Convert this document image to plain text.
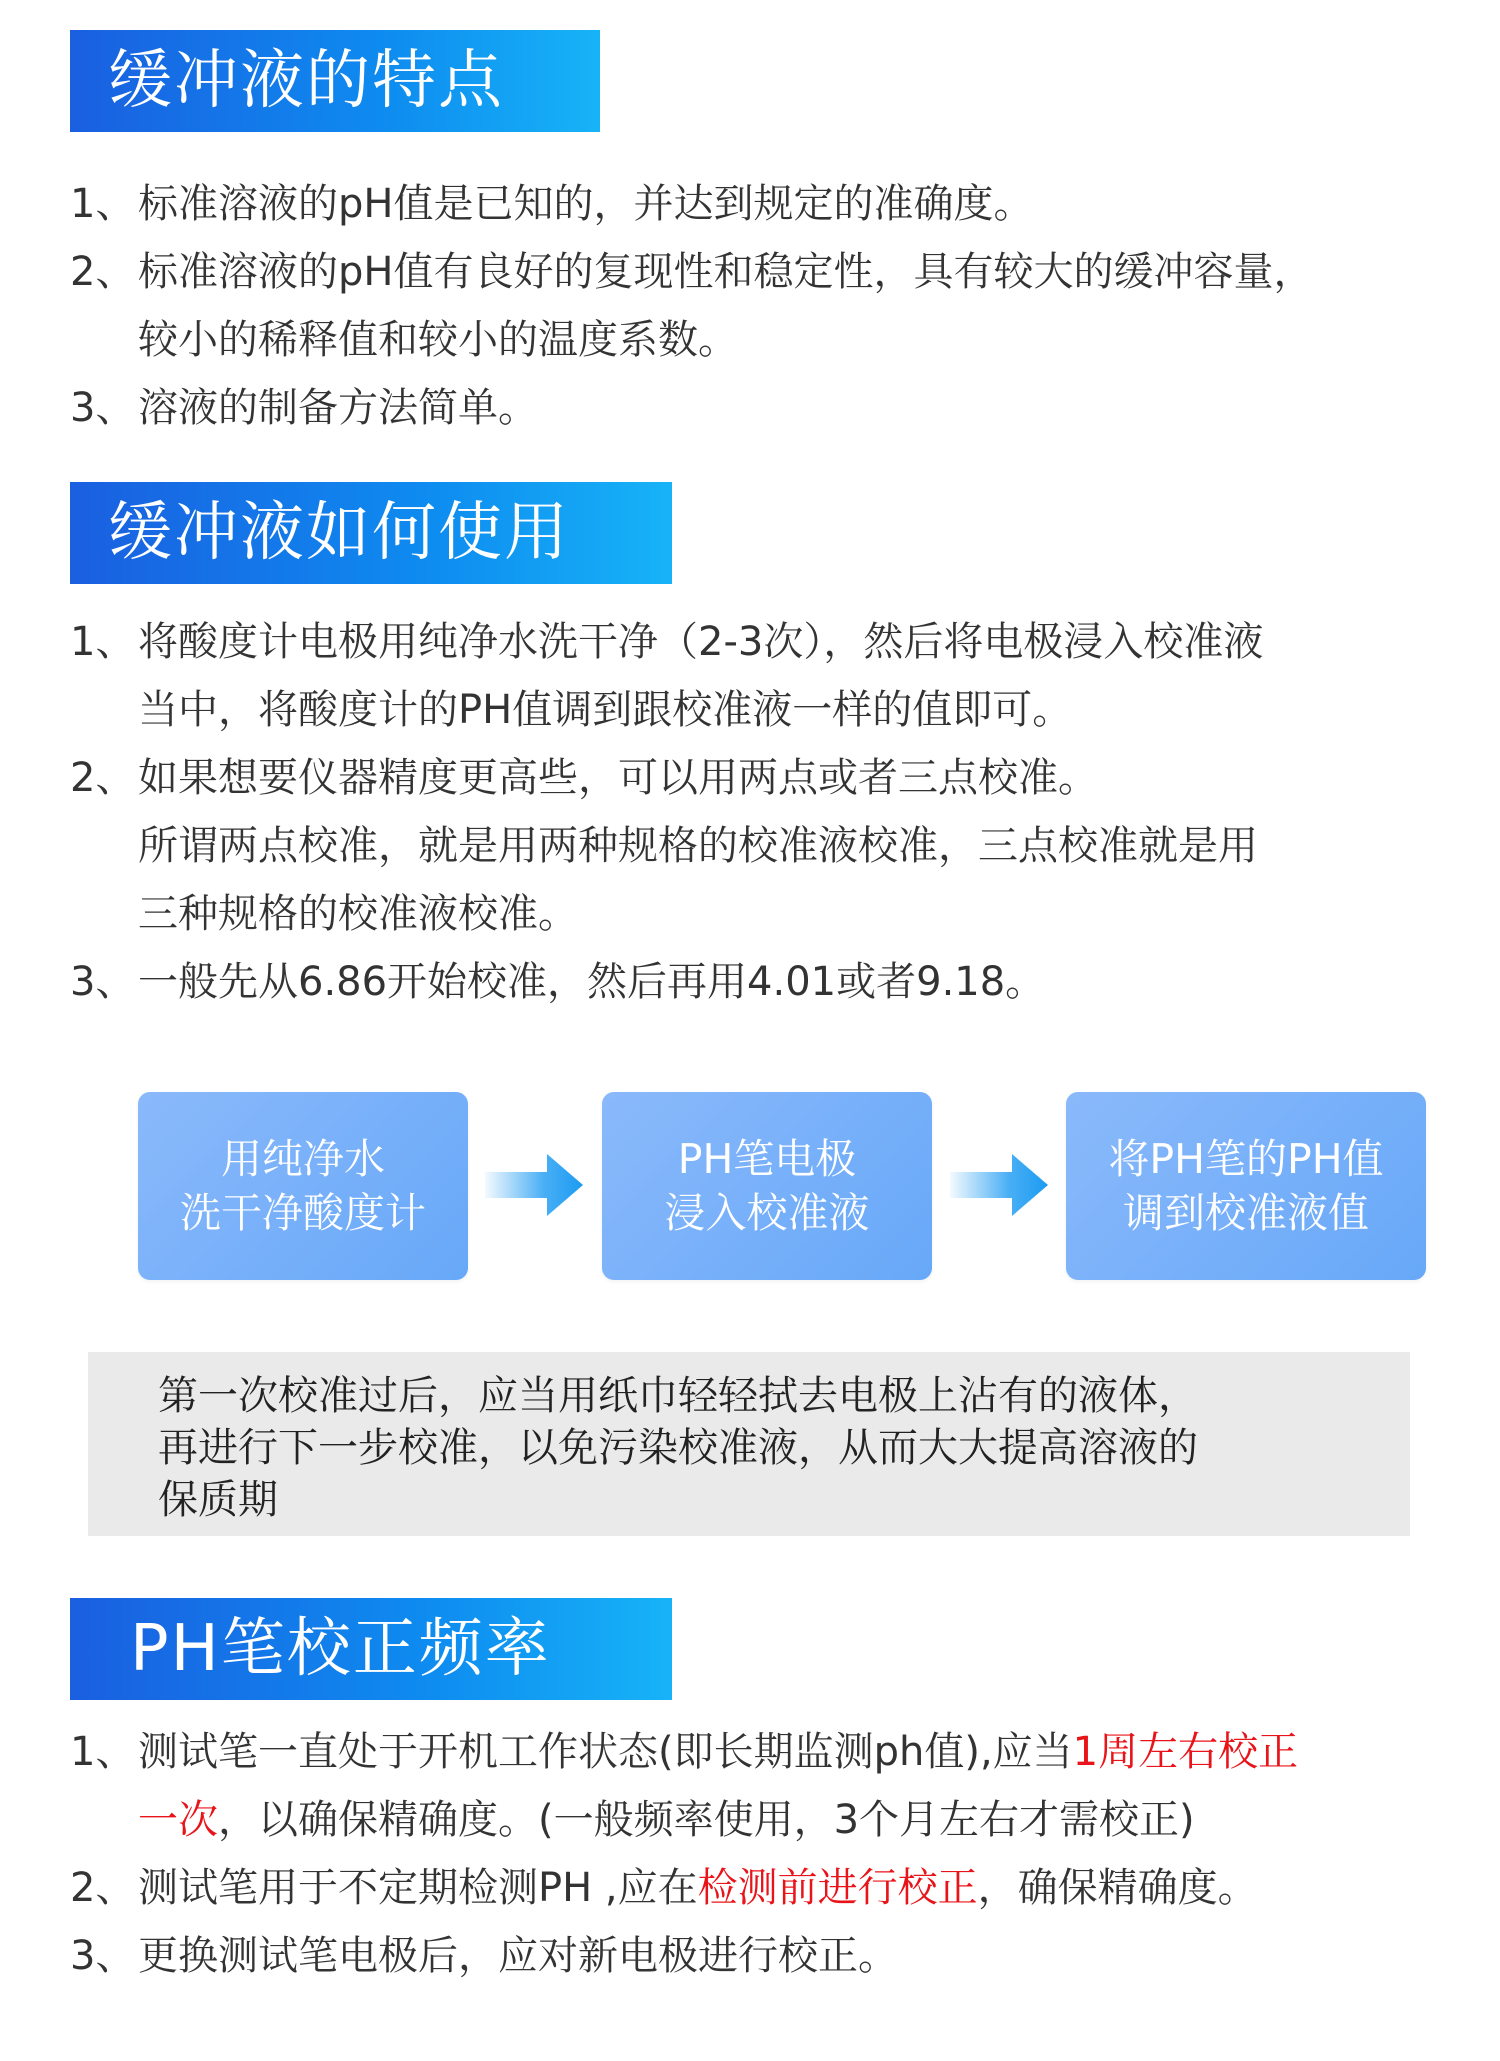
缓冲液的特点
1、 标准溶液的pH值是已知的，并达到规定的准确度。
2、 标准溶液的pH值有良好的复现性和稳定性，具有较大的缓冲容量，
较小的稀释值和较小的温度系数。
3、 溶液的制备方法简单。
缓冲液如何使用
1、 将酸度计电极用纯净水洗干净（2-3次），然后将电极浸入校准液
当中，将酸度计的PH值调到跟校准液一样的值即可。
2、 如果想要仪器精度更高些，可以用两点或者三点校准。
所谓两点校准，就是用两种规格的校准液校准，三点校准就是用
三种规格的校准液校准。
3、 一般先从6.86开始校准，然后再用4.01或者9.18。
用纯净水
洗干净酸度计
PH笔电极
浸入校准液
将PH笔的PH值
调到校准液值
第一次校准过后，应当用纸巾轻轻拭去电极上沾有的液体，
再进行下一步校准，以免污染校准液，从而大大提高溶液的
保质期
PH笔校正频率
1、 测试笔一直处于开机工作状态(即长期监测ph值),应当1周左右校正
一次，以确保精确度。(一般频率使用，3个月左右才需校正)
2、 测试笔用于不定期检测PH ,应在检测前进行校正，确保精确度。
3、 更换测试笔电极后，应对新电极进行校正。
